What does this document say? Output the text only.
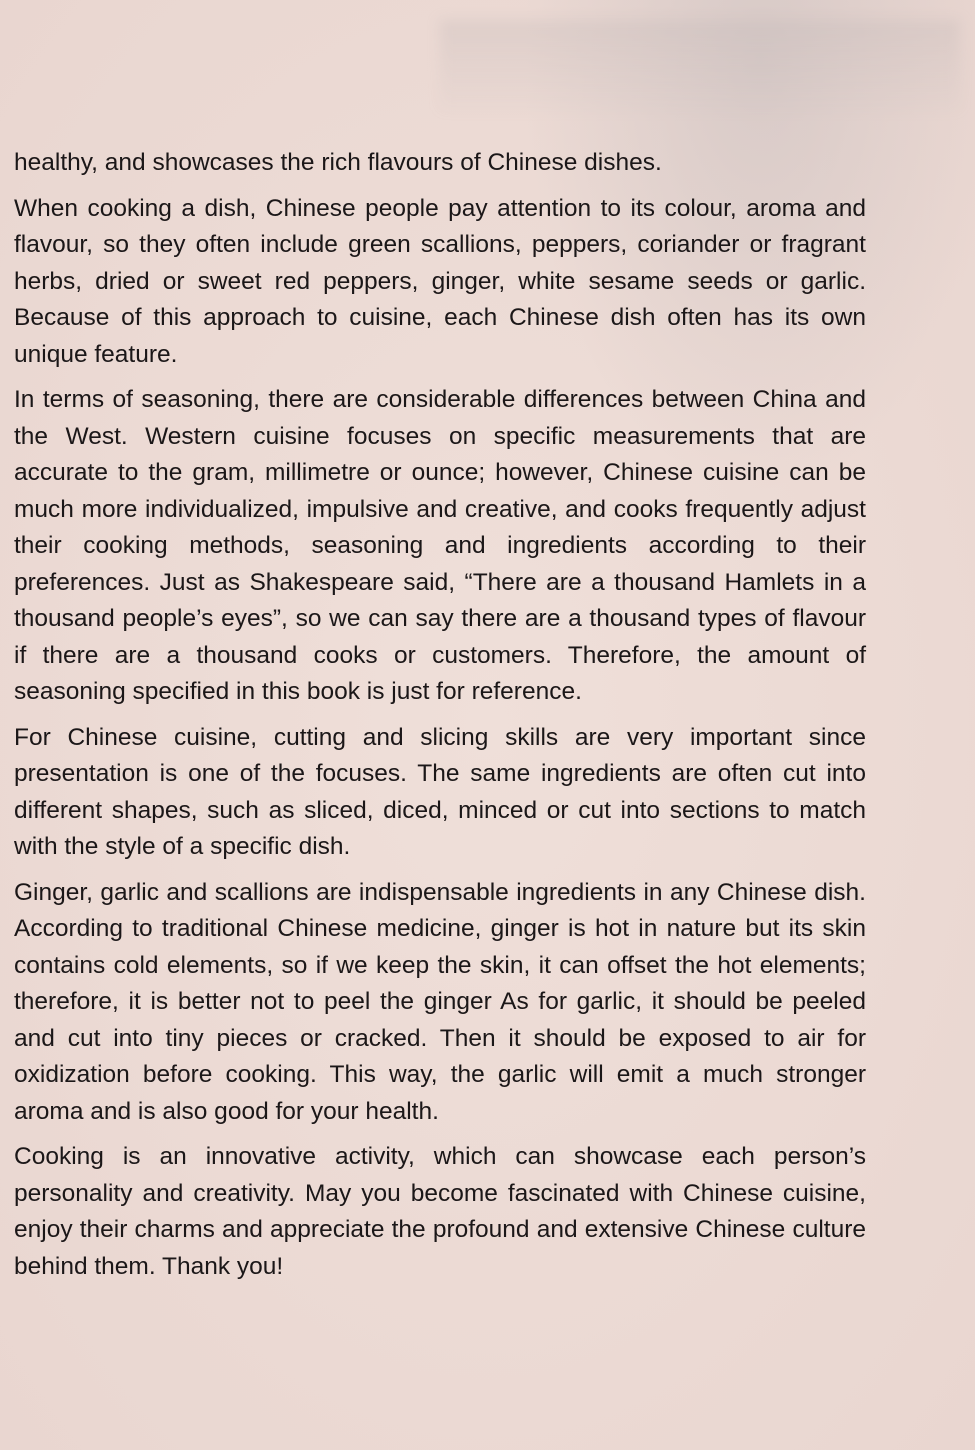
healthy, and showcases the rich flavours of Chinese dishes.

When cooking a dish, Chinese people pay attention to its colour, aroma and flavour, so they often include green scallions, peppers, coriander or fragrant herbs, dried or sweet red peppers, ginger, white sesame seeds or garlic. Because of this approach to cuisine, each Chinese dish often has its own unique feature.

In terms of seasoning, there are considerable differences between China and the West. Western cuisine focuses on specific measurements that are accurate to the gram, millimetre or ounce; however, Chinese cuisine can be much more individualized, impulsive and creative, and cooks frequently adjust their cooking methods, seasoning and ingredients according to their preferences. Just as Shakespeare said, “There are a thousand Hamlets in a thousand people’s eyes”, so we can say there are a thousand types of flavour if there are a thousand cooks or customers. Therefore, the amount of seasoning specified in this book is just for reference.

For Chinese cuisine, cutting and slicing skills are very important since presentation is one of the focuses. The same ingredients are often cut into different shapes, such as sliced, diced, minced or cut into sections to match with the style of a specific dish.

Ginger, garlic and scallions are indispensable ingredients in any Chinese dish. According to traditional Chinese medicine, ginger is hot in nature but its skin contains cold elements, so if we keep the skin, it can offset the hot elements; therefore, it is better not to peel the ginger As for garlic, it should be peeled and cut into tiny pieces or cracked. Then it should be exposed to air for oxidization before cooking. This way, the garlic will emit a much stronger aroma and is also good for your health.

Cooking is an innovative activity, which can showcase each person’s personality and creativity. May you become fascinated with Chinese cuisine, enjoy their charms and appreciate the profound and extensive Chinese culture behind them. Thank you!
